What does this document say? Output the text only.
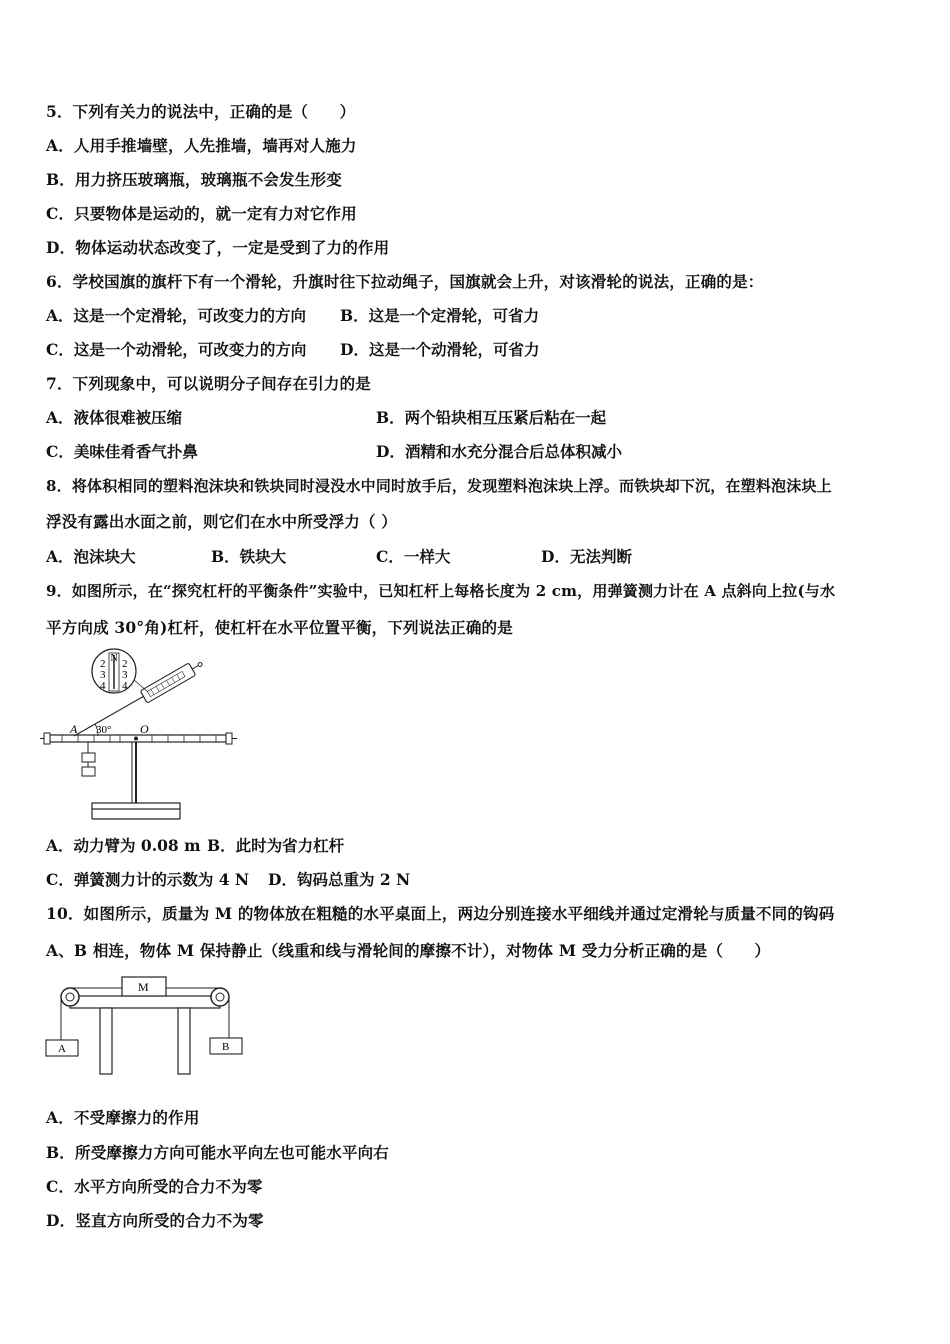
5．下列有关力的说法中，正确的是（　　）
A．人用手推墙壁，人先推墙，墙再对人施力
B．用力挤压玻璃瓶，玻璃瓶不会发生形变
C．只要物体是运动的，就一定有力对它作用
D．物体运动状态改变了，一定是受到了力的作用
6．学校国旗的旗杆下有一个滑轮，升旗时往下拉动绳子，国旗就会上升，对该滑轮的说法，正确的是：
A．这是一个定滑轮，可改变力的方向 B．这是一个定滑轮，可省力
C．这是一个动滑轮，可改变力的方向 D．这是一个动滑轮，可省力
7．下列现象中，可以说明分子间存在引力的是
A．液体很难被压缩	B．两个铅块相互压紧后粘在一起
C．美味佳肴香气扑鼻	D．酒精和水充分混合后总体积减小
8．将体积相同的塑料泡沫块和铁块同时浸没水中同时放手后，发现塑料泡沫块上浮。而铁块却下沉，在塑料泡沫块上
浮没有露出水面之前，则它们在水中所受浮力（ ）
A．泡沫块大	B．铁块大	C．一样大	D．无法判断
9．如图所示，在“探究杠杆的平衡条件”实验中，已知杠杆上每格长度为 2 cm，用弹簧测力计在 A 点斜向上拉(与水
平方向成 30°角)杠杆，使杠杆在水平位置平衡，下列说法正确的是
30°
A	O
N
2
3
4
2
3
4
A．动力臂为 0.08 m B．此时为省力杠杆
C．弹簧测力计的示数为 4 N D．钩码总重为 2 N
10．如图所示，质量为 M 的物体放在粗糙的水平桌面上，两边分别连接水平细线并通过定滑轮与质量不同的钩码
A、B 相连，物体 M 保持静止（线重和线与滑轮间的摩擦不计），对物体 M 受力分析正确的是（　　）
M
A	B
A．不受摩擦力的作用
B．所受摩擦力方向可能水平向左也可能水平向右
C．水平方向所受的合力不为零
D．竖直方向所受的合力不为零
